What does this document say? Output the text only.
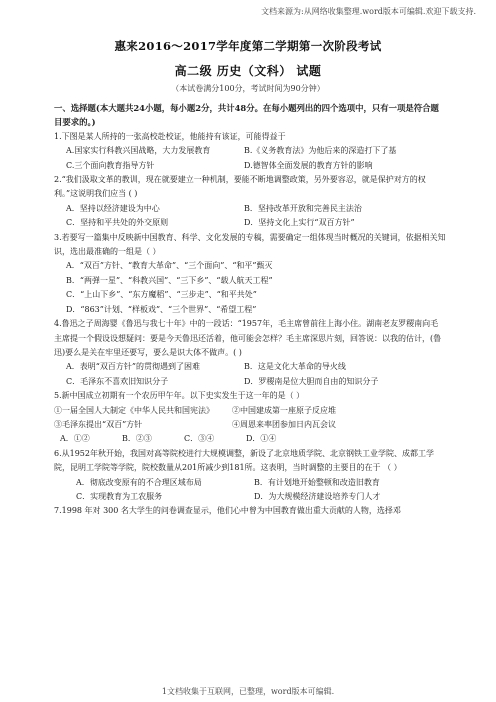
文档来源为:从网络收集整理.word版本可编辑.欢迎下载支持.
惠来2016～2017学年度第二学期第一次阶段考试
高二级 历史（文科） 试题
（本试卷满分100分，考试时间为90分钟）
一、选择题(本大题共24小题，每小题2分，共计48分。在每小题列出的四个选项中，只有一项是符合题目要求的。)
1.下图是某人所持的一张高校赴校证，他能持有该证，可能得益于
A.国家实行科教兴国战略，大力发展教育	B.《义务教育法》为他后来的深造打下了基
C.三个面向教育指导方针	D.德智体全面发展的教育方针的影响
2.“我们汲取文革的教训，现在就要建立一种机制，要能不断地调整政策，另外要容忍，就是保护对方的权利。”这说明我们应当 ( )
A．坚持以经济建设为中心	B．坚持改革开放和完善民主法治
C．坚持和平共处的外交原则	D．坚持文化上实行“双百方针”
3.若要写一篇集中反映新中国教育、科学、文化发展的专稿，需要确定一组体现当时概况的关键词，依据相关知识，选出最准确的一组是（ ）
A．“双百”方针、“教育大革命”、“三个面向”、“和平”甄灭
B．“两弹一星”、“科教兴国”、“三下乡”、“载人航天工程”
C．“上山下乡”、“东方魔稻”、“三步走”、“和平共处”
D．“863”计划、“样板戏”、“三个世界”、“希望工程”
4.鲁迅之子周海婴《鲁迅与我七十年》中的一段话：“1957年，毛主席曾前往上海小住。湖南老友罗稷南向毛主席提一个假设设想疑问：要是今天鲁迅还活着，他可能会怎样？毛主席深思片刻，回答说：以我的估计，(鲁迅)要么是关在牢里还要写，要么是识大体不做声。( )
A．表明“双百方针”的贯彻遇到了困难	B．这是文化大革命的导火线
C．毛泽东不喜欢旧知识分子	D．罗稷南是位大胆而自由的知识分子
5.新中国成立初期有一个农历甲午年。以下史实发生于这一年的是（ ）
①一届全国人大制定《中华人民共和国宪法》	②中国建成第一座原子反应堆
③毛泽东提出“双百”方针	④周恩来率团参加日内瓦会议
A．①②	B．②③	C．③④	D．①④
6.从1952年秋开始，我国对高等院校进行大规模调整，新设了北京地质学院、北京钢铁工业学院、成都工学院，昆明工学院等学院，院校数量从201所减少到181所。这表明，当时调整的主要目的在于 （ ）
A．彻底改变原有的不合理区域布局	B．有计划地开始整顿和改造旧教育
C．实现教育为工农服务	D．为大规模经济建设培养专门人才
7.1998 年对 300 名大学生的问卷调查显示，他们心中曾为中国教育做出重大贡献的人物，选择邓
1文档收集于互联网，已整理，word版本可编辑.
